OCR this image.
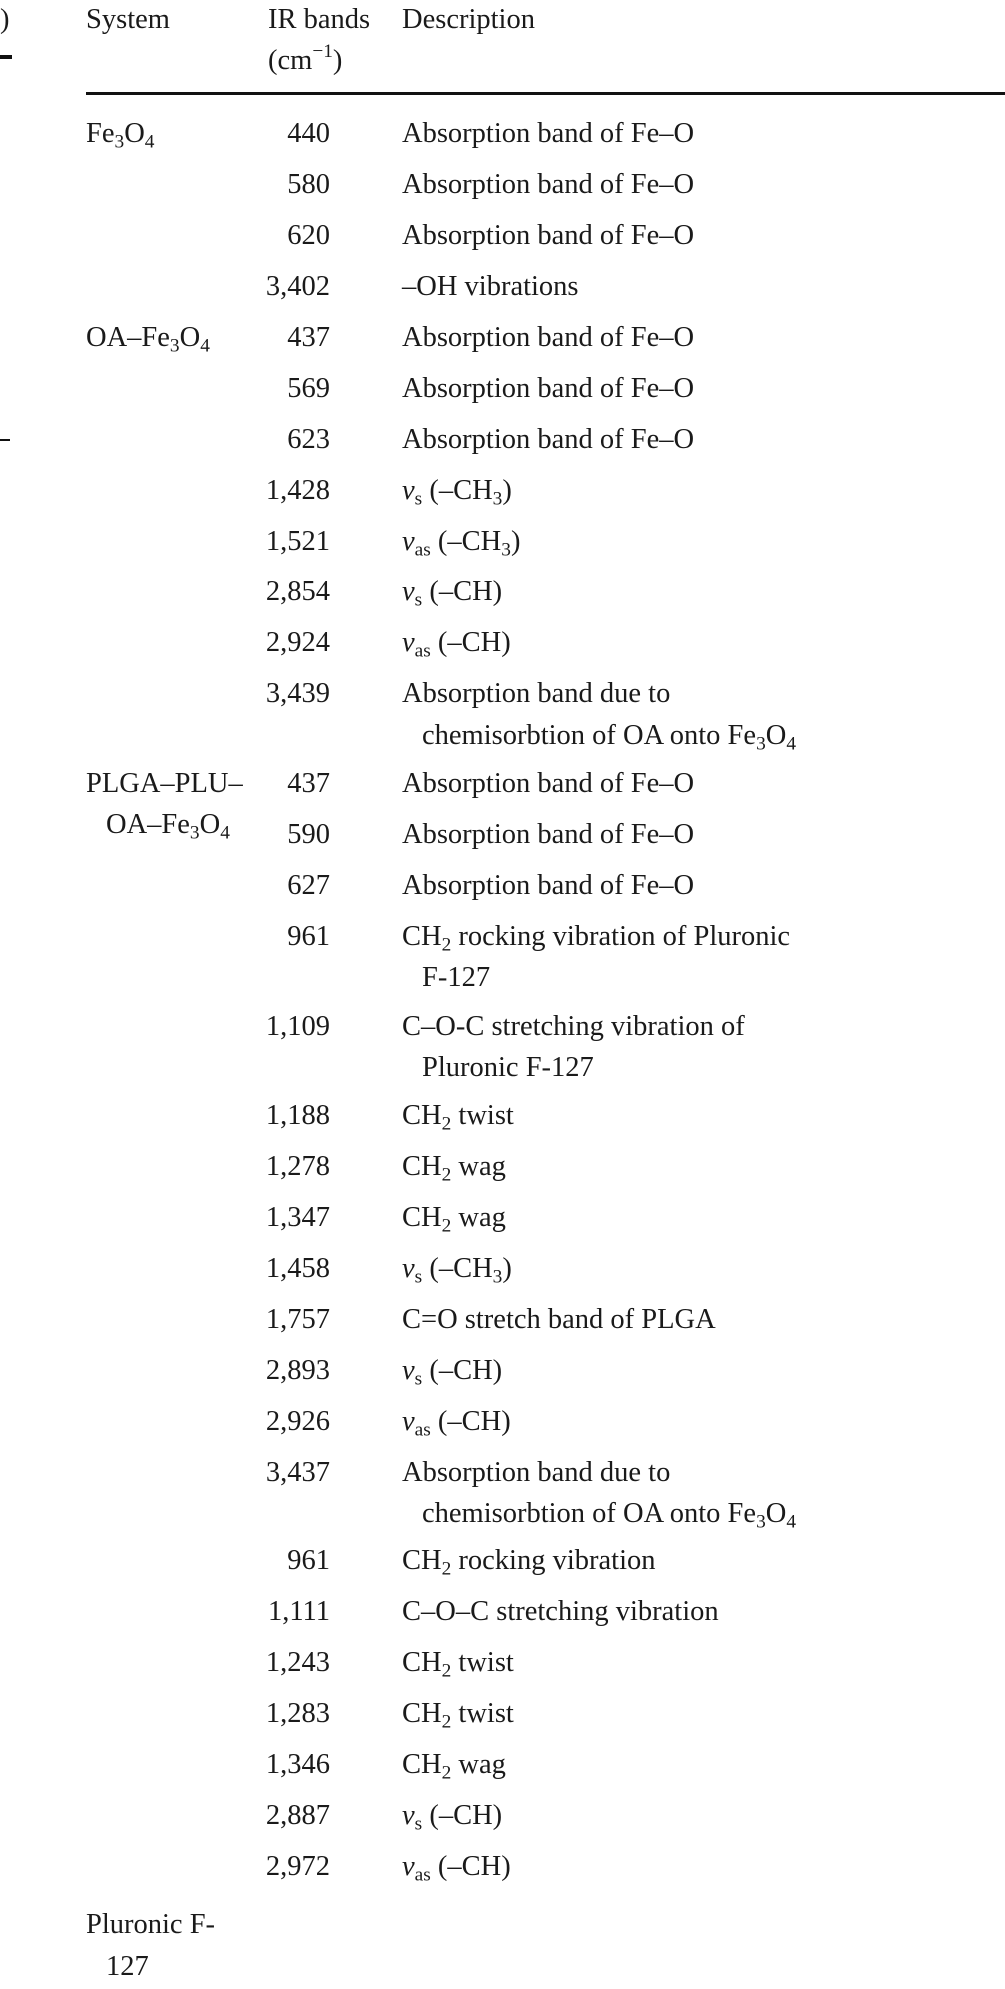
)	System	IR bands
$(cm^{-1})$
Description
$Fe_3O_4$
$OA-Fe_3O_4$
PLGA–PLU–
$OA-Fe_3O_4$
Pluronic F-
127
440
580
620
3,402
437
569
623
1,428
1,521
2,854
2,924
3,439
437
590
627
961
1,109
1,188
1,278
1,347
1,458
1,757
2,893
2,926
3,437
961
1,111
1,243
1,283
1,346
2,887
2,972
Absorption band of Fe–O
Absorption band of Fe–O
Absorption band of Fe–O
–OH vibrations
Absorption band of Fe–O
Absorption band of Fe–O
Absorption band of Fe–O
$v_s$ $(-CH_3)$
$v_{as}$ $(-CH_3)$
$v_s$ (–CH)
$v_{as}$ (–CH)
Absorption band due to
chemisorbtion of OA onto $Fe_3O_4$
Absorption band of Fe–O
Absorption band of Fe–O
Absorption band of Fe–O
$CH_2$ rocking vibration of Pluronic
F-127
C–O-C stretching vibration of
Pluronic F-127
$CH_2$ twist
$CH_2$ wag
$CH_2$ wag
$v_s$ $(-CH_3)$
C=O stretch band of PLGA
$v_s$ (–CH)
$v_{as}$ (–CH)
Absorption band due to
chemisorbtion of OA onto $Fe_3O_4$
$CH_2$ rocking vibration
C–O–C stretching vibration
$CH_2$ twist
$CH_2$ twist
$CH_2$ wag
$v_s$ (–CH)
$v_{as}$ (–CH)
